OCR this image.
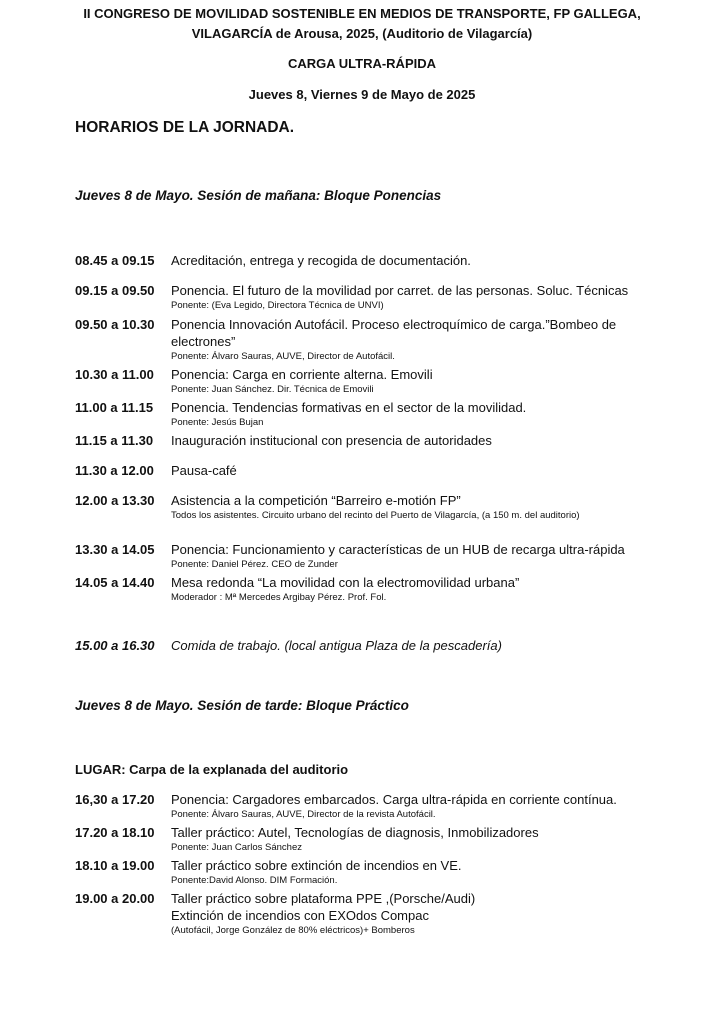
II CONGRESO DE MOVILIDAD SOSTENIBLE EN MEDIOS DE TRANSPORTE, FP GALLEGA,
VILAGARCÍA de Arousa, 2025, (Auditorio de Vilagarcía)
CARGA ULTRA-RÁPIDA
Jueves 8, Viernes 9 de Mayo de 2025
HORARIOS DE LA JORNADA.
Jueves 8 de Mayo. Sesión de mañana: Bloque Ponencias
08.45 a 09.15 Acreditación, entrega y recogida de documentación.
09.15 a 09.50 Ponencia. El futuro de la movilidad por carret. de las personas. Soluc. Técnicas
Ponente: (Eva Legido, Directora Técnica de UNVI)
09.50 a 10.30 Ponencia Innovación Autofácil. Proceso electroquímico de carga.”Bombeo de electrones”
Ponente: Álvaro Sauras, AUVE, Director de Autofácil.
10.30 a 11.00 Ponencia: Carga en corriente alterna. Emovili
Ponente: Juan Sánchez. Dir. Técnica de Emovili
11.00 a 11.15 Ponencia. Tendencias formativas en el sector de la movilidad.
Ponente: Jesús Bujan
11.15 a 11.30 Inauguración institucional con presencia de autoridades
11.30 a 12.00 Pausa-café
12.00 a 13.30 Asistencia a la competición “Barreiro e-motión FP”
Todos los asistentes. Circuito urbano del recinto del Puerto de Vilagarcía, (a 150 m. del auditorio)
13.30 a 14.05 Ponencia: Funcionamiento y características de un HUB de recarga ultra-rápida
Ponente: Daniel Pérez. CEO de Zunder
14.05 a 14.40 Mesa redonda “La movilidad con la electromovilidad urbana”
Moderador : Mª Mercedes Argibay Pérez. Prof. Fol.
15.00 a 16.30 Comida de trabajo. (local antigua Plaza de la pescadería)
Jueves 8 de Mayo. Sesión de tarde: Bloque Práctico
LUGAR: Carpa de la explanada del auditorio
16,30 a 17.20 Ponencia: Cargadores embarcados. Carga ultra-rápida en corriente contínua.
Ponente: Álvaro Sauras, AUVE, Director de la revista Autofácil.
17.20 a 18.10 Taller práctico: Autel, Tecnologías de diagnosis, Inmobilizadores
Ponente: Juan Carlos Sánchez
18.10 a 19.00 Taller práctico sobre extinción de incendios en VE.
Ponente:David Alonso. DIM Formación.
19.00 a 20.00 Taller práctico sobre plataforma PPE ,(Porsche/Audi)
Extinción de incendios con EXOdos Compac
(Autofácil, Jorge González de 80% eléctricos)+ Bomberos
